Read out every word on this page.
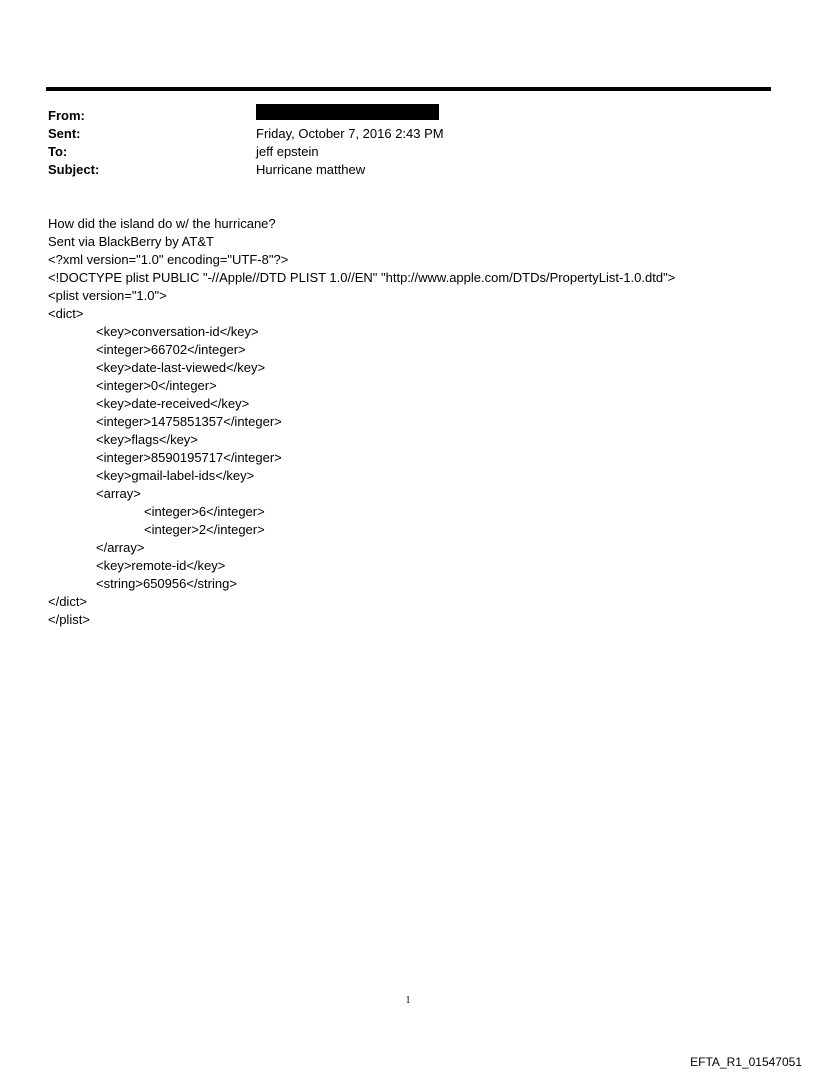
From:
Sent:	Friday, October 7, 2016 2:43 PM
To:	jeff epstein
Subject:	Hurricane matthew
How did the island do w/ the hurricane?
Sent via BlackBerry by AT&T
<?xml version="1.0" encoding="UTF-8"?>
<!DOCTYPE plist PUBLIC "-//Apple//DTD PLIST 1.0//EN" "http://www.apple.com/DTDs/PropertyList-1.0.dtd">
<plist version="1.0">
<dict>
<key>conversation-id</key>
<integer>66702</integer>
<key>date-last-viewed</key>
<integer>0</integer>
<key>date-received</key>
<integer>1475851357</integer>
<key>flags</key>
<integer>8590195717</integer>
<key>gmail-label-ids</key>
<array>
<integer>6</integer>
<integer>2</integer>
</array>
<key>remote-id</key>
<string>650956</string>
</dict>
</plist>
1
EFTA_R1_01547051
